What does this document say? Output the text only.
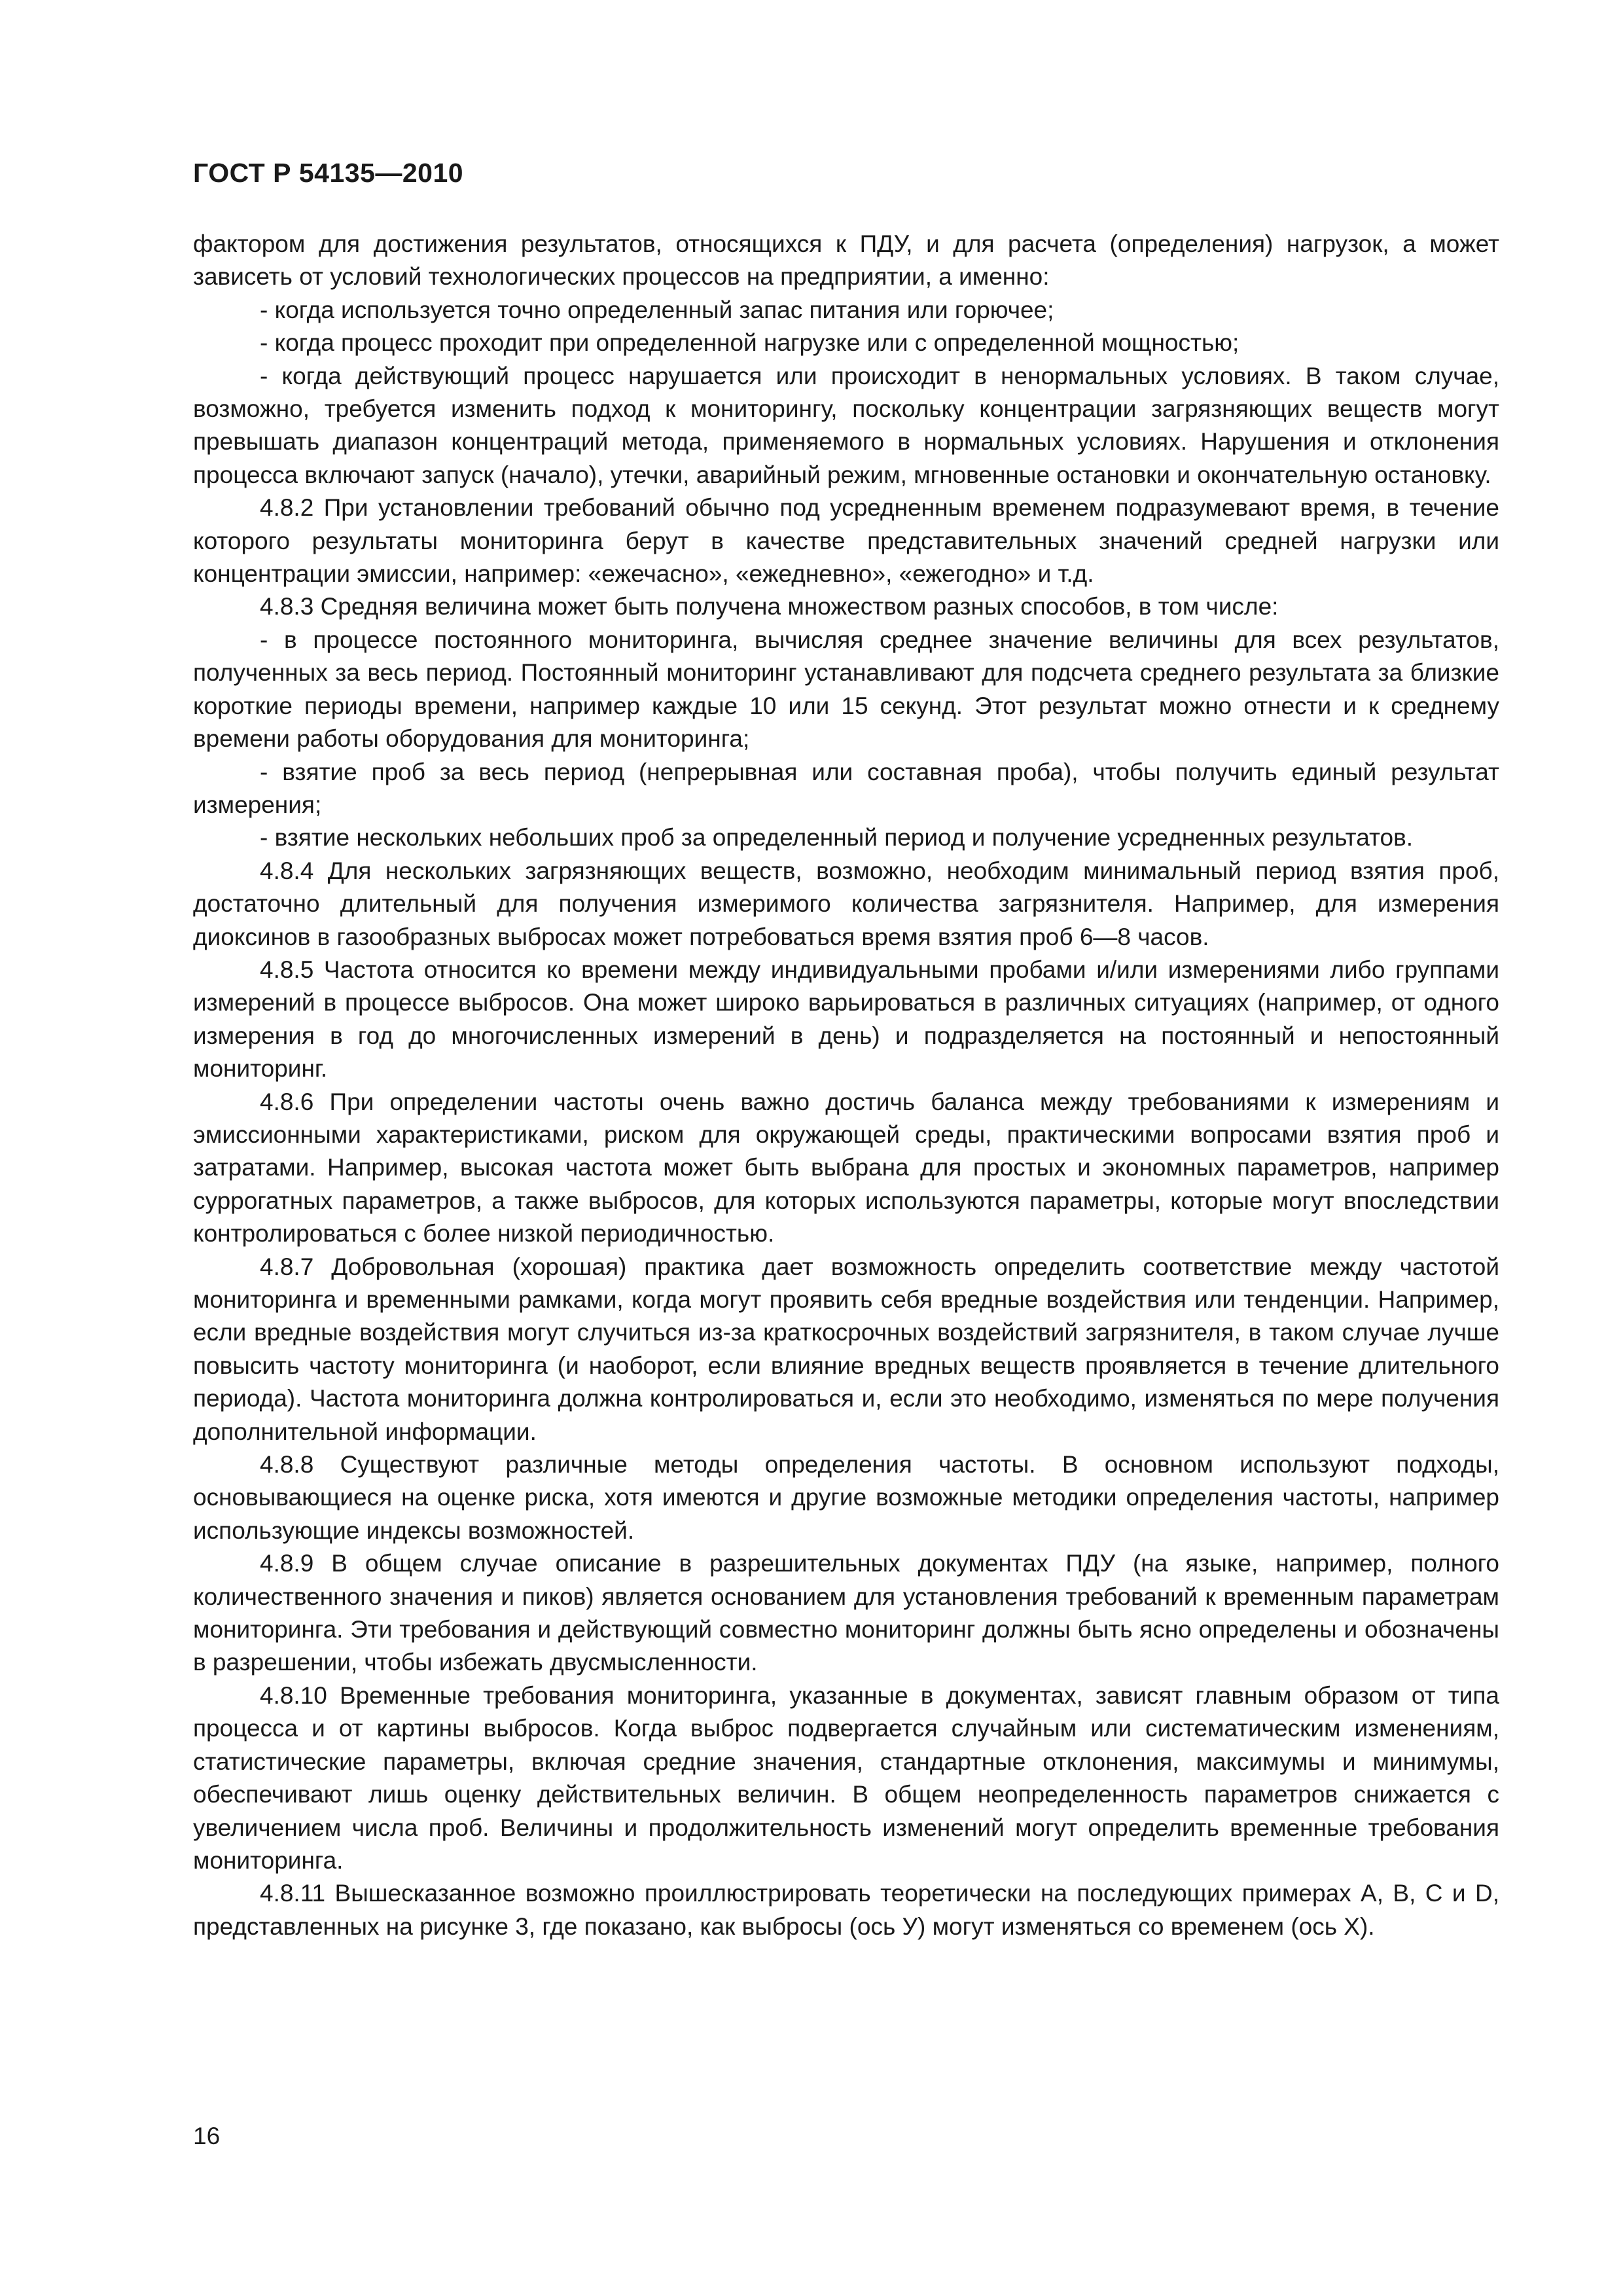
ГОСТ Р 54135—2010

фактором для достижения результатов, относящихся к ПДУ, и для расчета (определения) нагрузок, а может зависеть от условий технологических процессов на предприятии, а именно:

- когда используется точно определенный запас питания или горючее;

- когда процесс проходит при определенной нагрузке или с определенной мощностью;

- когда действующий процесс нарушается или происходит в ненормальных условиях. В таком случае, возможно, требуется изменить подход к мониторингу, поскольку концентрации загрязняющих веществ могут превышать диапазон концентраций метода, применяемого в нормальных условиях. Нарушения и отклонения процесса включают запуск (начало), утечки, аварийный режим, мгновенные остановки и окончательную остановку.

4.8.2 При установлении требований обычно под усредненным временем подразумевают время, в течение которого результаты мониторинга берут в качестве представительных значений средней нагрузки или концентрации эмиссии, например: «ежечасно», «ежедневно», «ежегодно» и т.д.

4.8.3 Средняя величина может быть получена множеством разных способов, в том числе:

- в процессе постоянного мониторинга, вычисляя среднее значение величины для всех результатов, полученных за весь период. Постоянный мониторинг устанавливают для подсчета среднего результата за близкие короткие периоды времени, например каждые 10 или 15 секунд. Этот результат можно отнести и к среднему времени работы оборудования для мониторинга;

- взятие проб за весь период (непрерывная или составная проба), чтобы получить единый результат измерения;

- взятие нескольких небольших проб за определенный период и получение усредненных результатов.

4.8.4 Для нескольких загрязняющих веществ, возможно, необходим минимальный период взятия проб, достаточно длительный для получения измеримого количества загрязнителя. Например, для измерения диоксинов в газообразных выбросах может потребоваться время взятия проб 6—8 часов.

4.8.5 Частота относится ко времени между индивидуальными пробами и/или измерениями либо группами измерений в процессе выбросов. Она может широко варьироваться в различных ситуациях (например, от одного измерения в год до многочисленных измерений в день) и подразделяется на постоянный и непостоянный мониторинг.

4.8.6 При определении частоты очень важно достичь баланса между требованиями к измерениям и эмиссионными характеристиками, риском для окружающей среды, практическими вопросами взятия проб и затратами. Например, высокая частота может быть выбрана для простых и экономных параметров, например суррогатных параметров, а также выбросов, для которых используются параметры, которые могут впоследствии контролироваться с более низкой периодичностью.

4.8.7 Добровольная (хорошая) практика дает возможность определить соответствие между частотой мониторинга и временными рамками, когда могут проявить себя вредные воздействия или тенденции. Например, если вредные воздействия могут случиться из-за краткосрочных воздействий загрязнителя, в таком случае лучше повысить частоту мониторинга (и наоборот, если влияние вредных веществ проявляется в течение длительного периода). Частота мониторинга должна контролироваться и, если это необходимо, изменяться по мере получения дополнительной информации.

4.8.8 Существуют различные методы определения частоты. В основном используют подходы, основывающиеся на оценке риска, хотя имеются и другие возможные методики определения частоты, например использующие индексы возможностей.

4.8.9 В общем случае описание в разрешительных документах ПДУ (на языке, например, полного количественного значения и пиков) является основанием для установления требований к временным параметрам мониторинга. Эти требования и действующий совместно мониторинг должны быть ясно определены и обозначены в разрешении, чтобы избежать двусмысленности.

4.8.10 Временные требования мониторинга, указанные в документах, зависят главным образом от типа процесса и от картины выбросов. Когда выброс подвергается случайным или систематическим изменениям, статистические параметры, включая средние значения, стандартные отклонения, максимумы и минимумы, обеспечивают лишь оценку действительных величин. В общем неопределенность параметров снижается с увеличением числа проб. Величины и продолжительность изменений могут определить временные требования мониторинга.

4.8.11 Вышесказанное возможно проиллюстрировать теоретически на последующих примерах A, B, C и D, представленных на рисунке 3, где показано, как выбросы (ось У) могут изменяться со временем (ось X).

16
